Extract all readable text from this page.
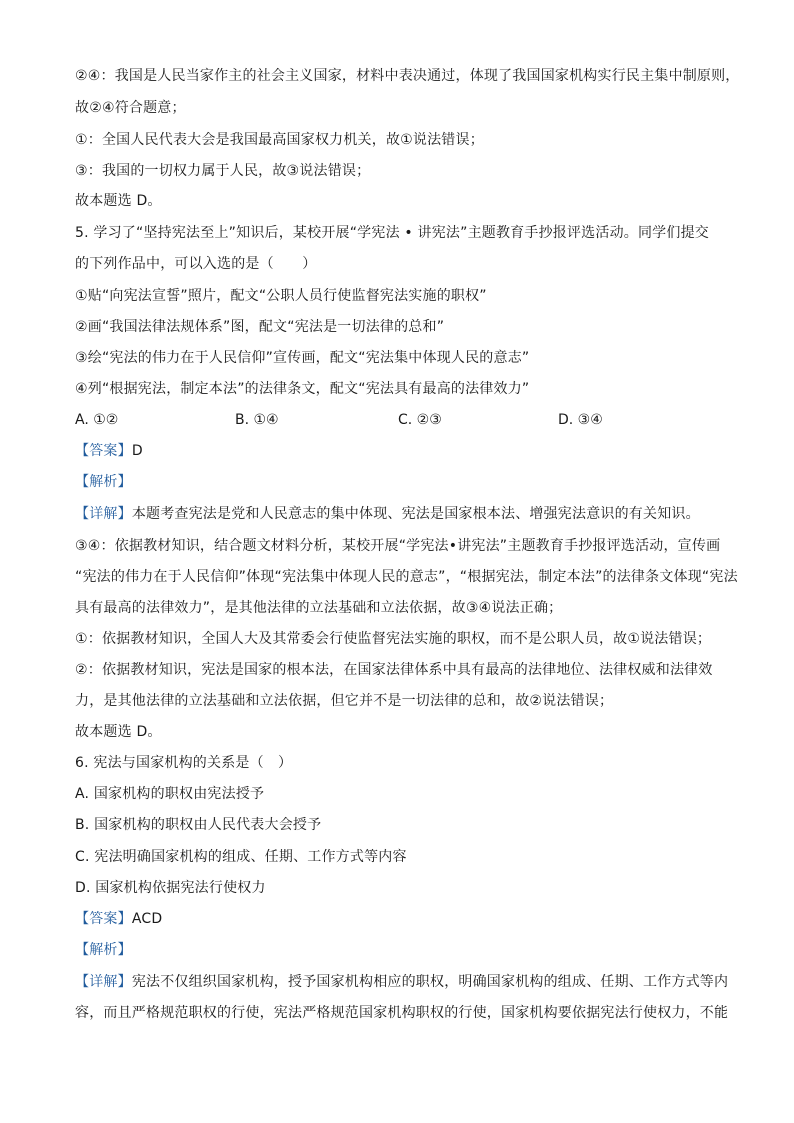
②④：我国是人民当家作主的社会主义国家，材料中表决通过，体现了我国国家机构实行民主集中制原则，
故②④符合题意；
①：全国人民代表大会是我国最高国家权力机关，故①说法错误；
③：我国的一切权力属于人民，故③说法错误；
故本题选 D。
5. 学习了“坚持宪法至上”知识后，某校开展“学宪法 • 讲宪法”主题教育手抄报评选活动。同学们提交
的下列作品中，可以入选的是（　　）
①贴“向宪法宣誓”照片，配文“公职人员行使监督宪法实施的职权”
②画“我国法律法规体系”图，配文“宪法是一切法律的总和”
③绘“宪法的伟力在于人民信仰”宣传画，配文“宪法集中体现人民的意志”
④列“根据宪法，制定本法”的法律条文，配文“宪法具有最高的法律效力”
A. ①②	B. ①④	C. ②③	D. ③④
【答案】D
【解析】
【详解】本题考查宪法是党和人民意志的集中体现、宪法是国家根本法、增强宪法意识的有关知识。
③④：依据教材知识，结合题文材料分析，某校开展“学宪法•讲宪法”主题教育手抄报评选活动，宣传画
“宪法的伟力在于人民信仰”体现“宪法集中体现人民的意志”，“根据宪法，制定本法”的法律条文体现“宪法
具有最高的法律效力”，是其他法律的立法基础和立法依据，故③④说法正确；
①：依据教材知识，全国人大及其常委会行使监督宪法实施的职权，而不是公职人员，故①说法错误；
②：依据教材知识，宪法是国家的根本法，在国家法律体系中具有最高的法律地位、法律权威和法律效
力，是其他法律的立法基础和立法依据，但它并不是一切法律的总和，故②说法错误；
故本题选 D。
6. 宪法与国家机构的关系是（　）
A. 国家机构的职权由宪法授予
B. 国家机构的职权由人民代表大会授予
C. 宪法明确国家机构的组成、任期、工作方式等内容
D. 国家机构依据宪法行使权力
【答案】ACD
【解析】
【详解】宪法不仅组织国家机构，授予国家机构相应的职权，明确国家机构的组成、任期、工作方式等内
容，而且严格规范职权的行使，宪法严格规范国家机构职权的行使，国家机构要依据宪法行使权力，不能
